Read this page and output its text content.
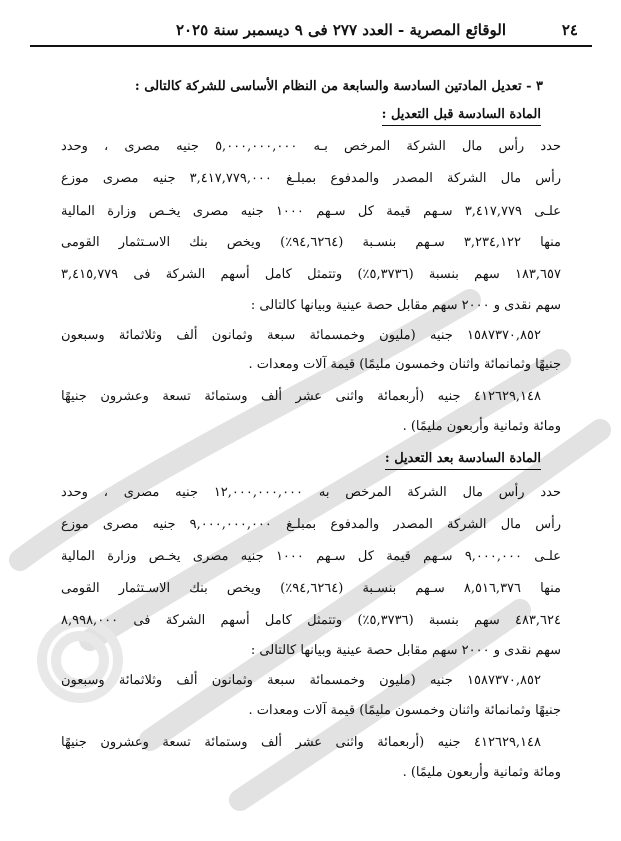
الوقائع المصرية - العدد ٢٧٧ فى ٩ ديسمبر سنة ٢٠٢٥	٢٤
٣ - تعديل المادتين السادسة والسابعة من النظام الأساسى للشركة كالتالى :
المادة السادسة قبل التعديل :
حدد رأس مال الشركة المرخص بـه ٥,٠٠٠,٠٠٠,٠٠٠ جنيه مصرى ، وحدد
رأس مال الشركة المصدر والمدفوع بمبلـغ ٣,٤١٧,٧٧٩,٠٠٠ جنيه مصرى موزع
علـى ٣,٤١٧,٧٧٩ سـهم قيمة كل سـهم ١٠٠٠ جنيه مصرى يخـص وزارة المالية
منها ٣,٢٣٤,١٢٢ سـهم بنسـبة (٩٤,٦٢٦٤٪) ويخص بنك الاسـتثمار القومى
١٨٣,٦٥٧ سهم بنسبة (٥,٣٧٣٦٪) وتتمثل كامل أسهم الشركة فى ٣,٤١٥,٧٧٩
سهم نقدى و ٢٠٠٠ سهم مقابل حصة عينية وبيانها كالتالى :
١٥٨٧٣٧٠,٨٥٢ جنيه (مليون وخمسمائة سبعة وثمانون ألف وثلاثمائة وسبعون
جنيهًا وثمانمائة واثنان وخمسون مليمًا) قيمة آلات ومعدات .
٤١٢٦٢٩,١٤٨ جنيه (أربعمائة واثنى عشر ألف وستمائة تسعة وعشرون جنيهًا
ومائة وثمانية وأربعون مليمًا) .
المادة السادسة بعد التعديل :
حدد رأس مال الشركة المرخص به ١٢,٠٠٠,٠٠٠,٠٠٠ جنيه مصرى ، وحدد
رأس مال الشركة المصدر والمدفوع بمبلـغ ٩,٠٠٠,٠٠٠,٠٠٠ جنيه مصرى موزع
علـى ٩,٠٠٠,٠٠٠ سـهم قيمة كل سـهم ١٠٠٠ جنيه مصرى يخـص وزارة المالية
منها ٨,٥١٦,٣٧٦ سـهم بنسـبة (٩٤,٦٢٦٤٪) ويخص بنك الاسـتثمار القومى
٤٨٣,٦٢٤ سهم بنسبة (٥,٣٧٣٦٪) وتتمثل كامل أسهم الشركة فى ٨,٩٩٨,٠٠٠
سهم نقدى و ٢٠٠٠ سهم مقابل حصة عينية وبيانها كالتالى :
١٥٨٧٣٧٠,٨٥٢ جنيه (مليون وخمسمائة سبعة وثمانون ألف وثلاثمائة وسبعون
جنيهًا وثمانمائة واثنان وخمسون مليمًا) قيمة آلات ومعدات .
٤١٢٦٢٩,١٤٨ جنيه (أربعمائة واثنى عشر ألف وستمائة تسعة وعشرون جنيهًا
ومائة وثمانية وأربعون مليمًا) .
